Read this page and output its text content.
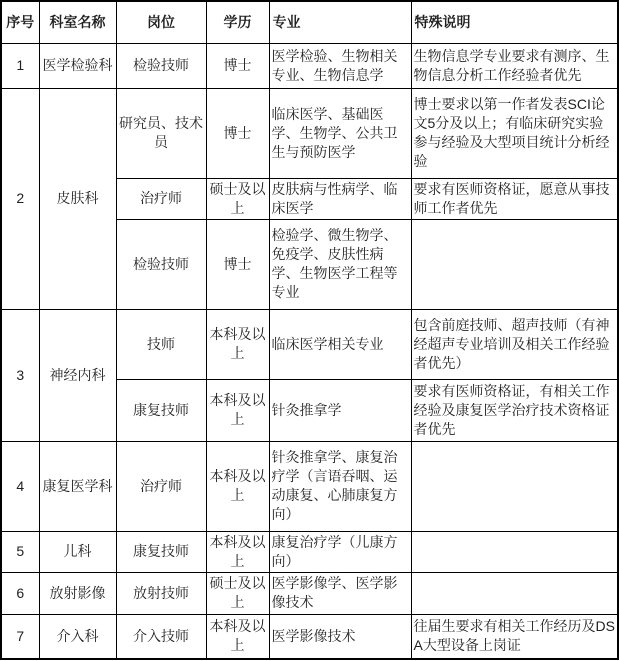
序号	科室名称	岗位	学历	专业	特殊说明
1	医学检验科	检验技师	博士	医学检验、生物相关专业、生物信息学	生物信息学专业要求有测序、生物信息分析工作经验者优先
2	皮肤科	研究员、技术员	博士	临床医学、基础医学、生物学、公共卫生与预防医学	博士要求以第一作者发表SCI论文5分及以上；有临床研究实验参与经验及大型项目统计分析经验
		治疗师	硕士及以上	皮肤病与性病学、临床医学	要求有医师资格证，愿意从事技师工作者优先
		检验技师	博士	检验学、微生物学、免疫学、皮肤性病学、生物医学工程等专业	
3	神经内科	技师	本科及以上	临床医学相关专业	包含前庭技师、超声技师（有神经超声专业培训及相关工作经验者优先）
		康复技师	本科及以上	针灸推拿学	要求有医师资格证，有相关工作经验及康复医学治疗技术资格证者优先
4	康复医学科	治疗师	本科及以上	针灸推拿学、康复治疗学（言语吞咽、运动康复、心肺康复方向）	
5	儿科	康复技师	本科及以上	康复治疗学（儿康方向）	
6	放射影像	放射技师	硕士及以上	医学影像学、医学影像技术	
7	介入科	介入技师	本科及以上	医学影像技术	往届生要求有相关工作经历及DSA大型设备上岗证
